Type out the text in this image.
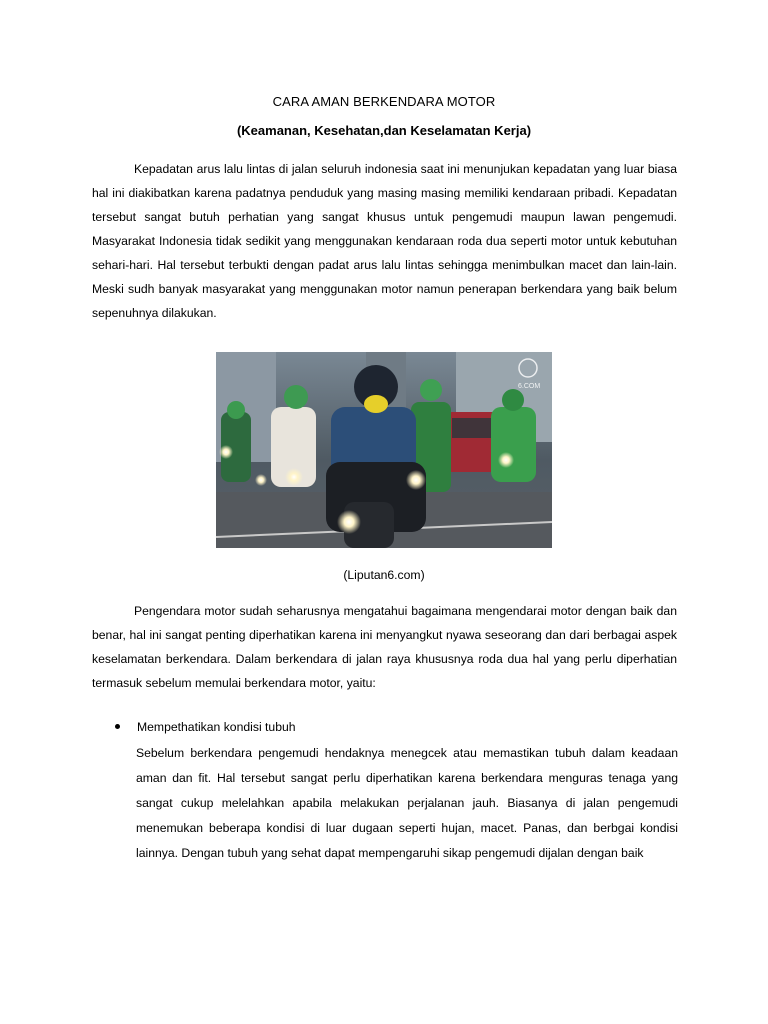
CARA AMAN BERKENDARA MOTOR
(Keamanan, Kesehatan,dan Keselamatan Kerja)

Kepadatan arus lalu lintas di jalan seluruh indonesia saat ini menunjukan kepadatan yang luar biasa hal ini diakibatkan karena padatnya penduduk yang masing masing memiliki kendaraan pribadi. Kepadatan tersebut sangat butuh perhatian yang sangat khusus untuk pengemudi maupun lawan pengemudi. Masyarakat Indonesia tidak sedikit yang menggunakan kendaraan roda dua seperti motor untuk kebutuhan sehari-hari. Hal tersebut terbukti dengan padat arus lalu lintas sehingga menimbulkan macet dan lain-lain. Meski sudh banyak masyarakat yang menggunakan motor namun penerapan berkendara yang baik belum sepenuhnya dilakukan.

6.COM
(Liputan6.com)

Pengendara motor sudah seharusnya mengatahui bagaimana mengendarai motor dengan baik dan benar, hal ini sangat penting diperhatikan karena ini menyangkut nyawa seseorang dan dari berbagai aspek keselamatan berkendara. Dalam berkendara di jalan raya khususnya roda dua hal yang perlu diperhatian termasuk sebelum memulai berkendara motor, yaitu:

Mempethatikan kondisi tubuh

Sebelum berkendara pengemudi hendaknya menegcek atau memastikan tubuh dalam keadaan aman dan fit. Hal tersebut sangat perlu diperhatikan karena berkendara menguras tenaga yang sangat cukup melelahkan apabila melakukan perjalanan jauh. Biasanya di jalan pengemudi menemukan beberapa kondisi di luar dugaan seperti hujan, macet. Panas, dan berbgai kondisi lainnya. Dengan tubuh yang sehat dapat mempengaruhi sikap pengemudi dijalan dengan baik
